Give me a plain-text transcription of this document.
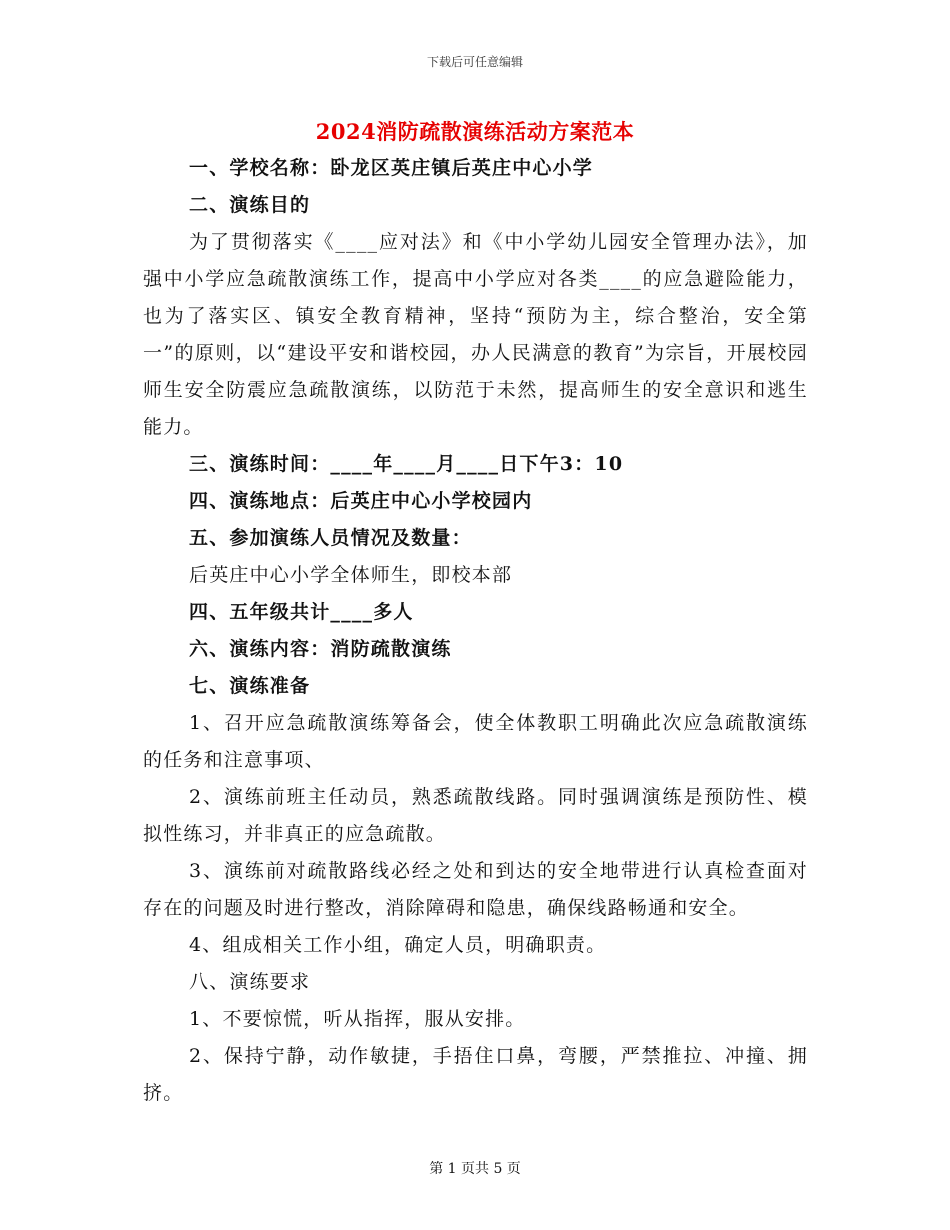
下载后可任意编辑
2024消防疏散演练活动方案范本

一、学校名称：卧龙区英庄镇后英庄中心小学

二、演练目的

为了贯彻落实《____应对法》和《中小学幼儿园安全管理办法》，加强中小学应急疏散演练工作，提高中小学应对各类____的应急避险能力，也为了落实区、镇安全教育精神，坚持“预防为主，综合整治，安全第一”的原则，以“建设平安和谐校园，办人民满意的教育”为宗旨，开展校园师生安全防震应急疏散演练，以防范于未然，提高师生的安全意识和逃生能力。

三、演练时间：____年____月____日下午3：10

四、演练地点：后英庄中心小学校园内

五、参加演练人员情况及数量：

后英庄中心小学全体师生，即校本部

四、五年级共计____多人

六、演练内容：消防疏散演练

七、演练准备

1、召开应急疏散演练筹备会，使全体教职工明确此次应急疏散演练的任务和注意事项、

2、演练前班主任动员，熟悉疏散线路。同时强调演练是预防性、模拟性练习，并非真正的应急疏散。

3、演练前对疏散路线必经之处和到达的安全地带进行认真检查面对存在的问题及时进行整改，消除障碍和隐患，确保线路畅通和安全。

4、组成相关工作小组，确定人员，明确职责。

八、演练要求

1、不要惊慌，听从指挥，服从安排。

2、保持宁静，动作敏捷，手捂住口鼻，弯腰，严禁推拉、冲撞、拥挤。

第 1 页共 5 页
